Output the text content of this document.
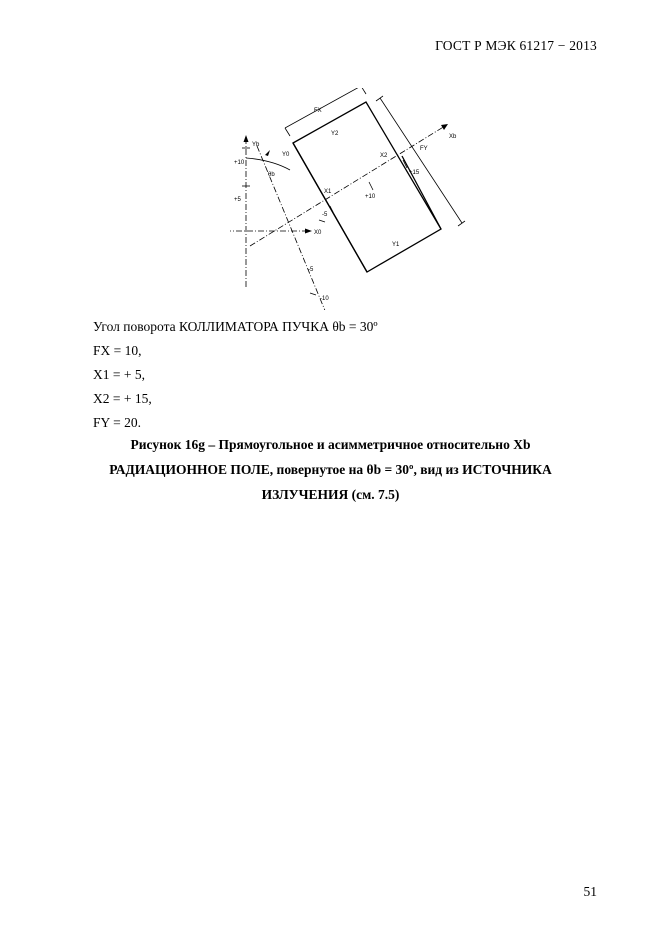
ГОСТ Р МЭК 61217 − 2013
FX
FY
Y2
Y1
X2
X1
Xb
Yb
Y0
X0
θb
+10
+5
-5
-10
-5
+10
+15
Угол поворота КОЛЛИМАТОРА ПУЧКА θb = 30º
FX = 10,
X1 = + 5,
X2 = + 15,
FY = 20.
Рисунок 16g – Прямоугольное и асимметричное относительно Xb
РАДИАЦИОННОЕ ПОЛЕ, повернутое на θb = 30º, вид из ИСТОЧНИКА
ИЗЛУЧЕНИЯ (см. 7.5)
51
